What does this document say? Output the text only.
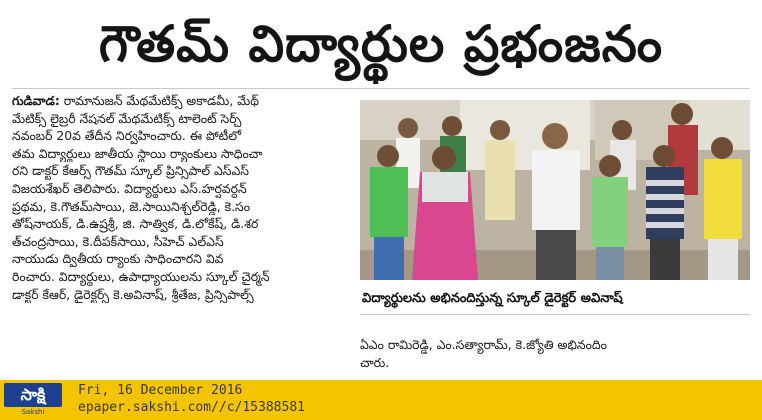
గౌతమ్ విద్యార్థుల ప్రభంజనం

గుడివాడ: రామానుజన్ మేథమేటిక్స్ అకాడమీ, మేథ్

మేటిక్స్ లైబ్రరీ నేషనల్ మేథమేటిక్స్ టాలెంట్ సెర్చ్

నవంబర్ 20వ తేదీన నిర్వహించారు. ఈ పోటీలో

తమ విద్యార్థులు జాతీయ స్థాయి ర్యాంకులు సాధించా

రని డాక్టర్ కేఆర్స్ గౌతమ్ స్కూల్ ప్రిన్సిపాల్ ఎస్ఎస్

విజయశేఖర్ తెలిపారు. విద్యార్థులు ఎస్.హర్షవర్ధన్

ప్రథమ, కె.గౌతమ్‌సాయి, జె.సాయినిశ్చల్‌రెడ్డి, కె.సం

తోష్‌నాయక్, డి.ఉష్రశ్రీ, జి. సాత్విక, డి.లోకేష్, డి.శర

త్‌చంద్రసాయి, కె.దీపక్‌సాయి, సీహెచ్ ఎల్ఎస్

నాయుడు ద్వితీయ ర్యాంకు సాధించారని వివ

రించారు. విద్యార్థులు, ఉపాధ్యాయులను స్కూల్ చైర్మన్

డాక్టర్ కేఆర్, డైరెక్టర్స్ కె.అవినాష్, శ్రీతేజ, ప్రిన్సిపాల్స్	విద్యార్థులను అభినందిస్తున్న స్కూల్ డైరెక్టర్ అవినాష్

ఏఎం రామిరెడ్డి, ఎం.సత్యారామ్, కె.జ్యోతి అభినందిం

చారు.

సాక్షి
Sakshi
Fri, 16 December 2016
epaper.sakshi.com//c/15388581
